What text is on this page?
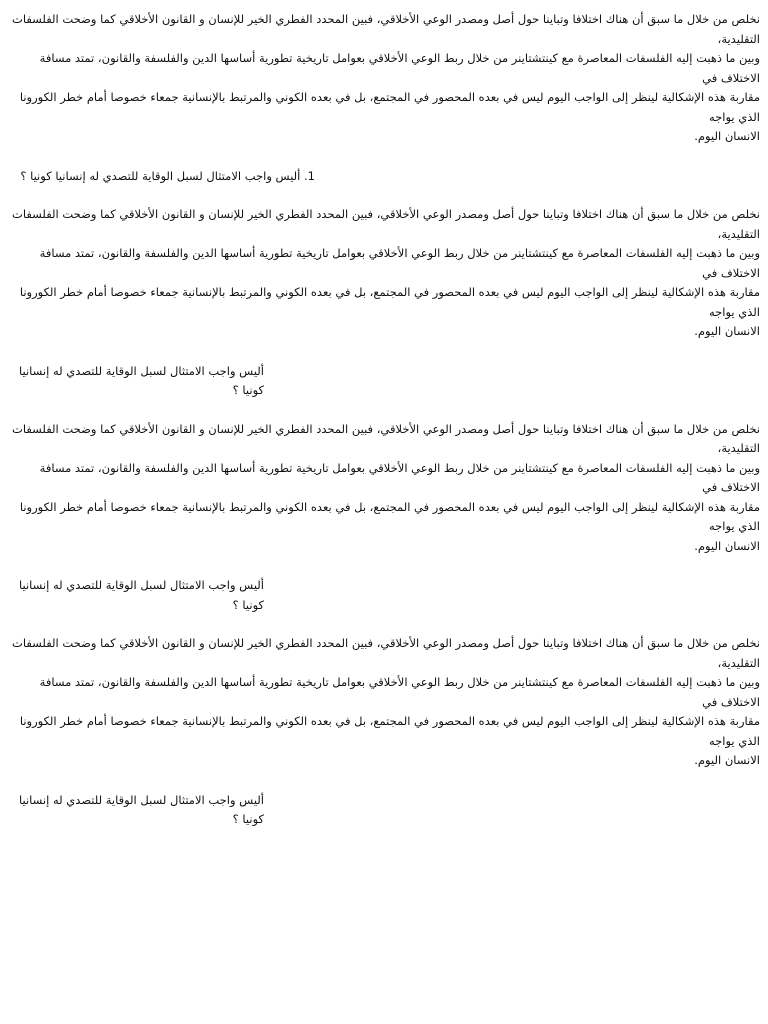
نخلص من خلال ما سبق أن هناك اختلافا وتباينا حول أصل ومصدر الوعي الأخلاقي، فبين المحدد الفطري الخير للإنسان و القانون الأخلاقي كما وضحت الفلسفات التقليدية،

وبين ما ذهبت إليه الفلسفات المعاصرة مع كينتشتاينر من خلال ربط الوعي الأخلاقي بعوامل تاريخية تطورية أساسها الدين والفلسفة والقانون، تمتد مسافة الاختلاف في

مقاربة هذه الإشكالية لينظر إلى الواجب اليوم ليس في بعده المحصور في المجتمع، بل في بعده الكوني والمرتبط بالإنسانية جمعاء خصوصا أمام خطر الكورونا الذي يواجه

الانسان اليوم.

1. أليس واجب الامتثال لسبل الوقاية للتصدي له إنسانيا كونيا ؟

نخلص من خلال ما سبق أن هناك اختلافا وتباينا حول أصل ومصدر الوعي الأخلاقي، فبين المحدد الفطري الخير للإنسان و القانون الأخلاقي كما وضحت الفلسفات التقليدية،

وبين ما ذهبت إليه الفلسفات المعاصرة مع كينتشتاينر من خلال ربط الوعي الأخلاقي بعوامل تاريخية تطورية أساسها الدين والفلسفة والقانون، تمتد مسافة الاختلاف في

مقاربة هذه الإشكالية لينظر إلى الواجب اليوم ليس في بعده المحصور في المجتمع، بل في بعده الكوني والمرتبط بالإنسانية جمعاء خصوصا أمام خطر الكورونا الذي يواجه

الانسان اليوم.

أليس واجب الامتثال لسبل الوقاية للتصدي له إنسانيا كونيا ؟

نخلص من خلال ما سبق أن هناك اختلافا وتباينا حول أصل ومصدر الوعي الأخلاقي، فبين المحدد الفطري الخير للإنسان و القانون الأخلاقي كما وضحت الفلسفات التقليدية،

وبين ما ذهبت إليه الفلسفات المعاصرة مع كينتشتاينر من خلال ربط الوعي الأخلاقي بعوامل تاريخية تطورية أساسها الدين والفلسفة والقانون، تمتد مسافة الاختلاف في

مقاربة هذه الإشكالية لينظر إلى الواجب اليوم ليس في بعده المحصور في المجتمع، بل في بعده الكوني والمرتبط بالإنسانية جمعاء خصوصا أمام خطر الكورونا الذي يواجه

الانسان اليوم.

أليس واجب الامتثال لسبل الوقاية للتصدي له إنسانيا كونيا ؟

نخلص من خلال ما سبق أن هناك اختلافا وتباينا حول أصل ومصدر الوعي الأخلاقي، فبين المحدد الفطري الخير للإنسان و القانون الأخلاقي كما وضحت الفلسفات التقليدية،

وبين ما ذهبت إليه الفلسفات المعاصرة مع كينتشتاينر من خلال ربط الوعي الأخلاقي بعوامل تاريخية تطورية أساسها الدين والفلسفة والقانون، تمتد مسافة الاختلاف في

مقاربة هذه الإشكالية لينظر إلى الواجب اليوم ليس في بعده المحصور في المجتمع، بل في بعده الكوني والمرتبط بالإنسانية جمعاء خصوصا أمام خطر الكورونا الذي يواجه

الانسان اليوم.

أليس واجب الامتثال لسبل الوقاية للتصدي له إنسانيا كونيا ؟
